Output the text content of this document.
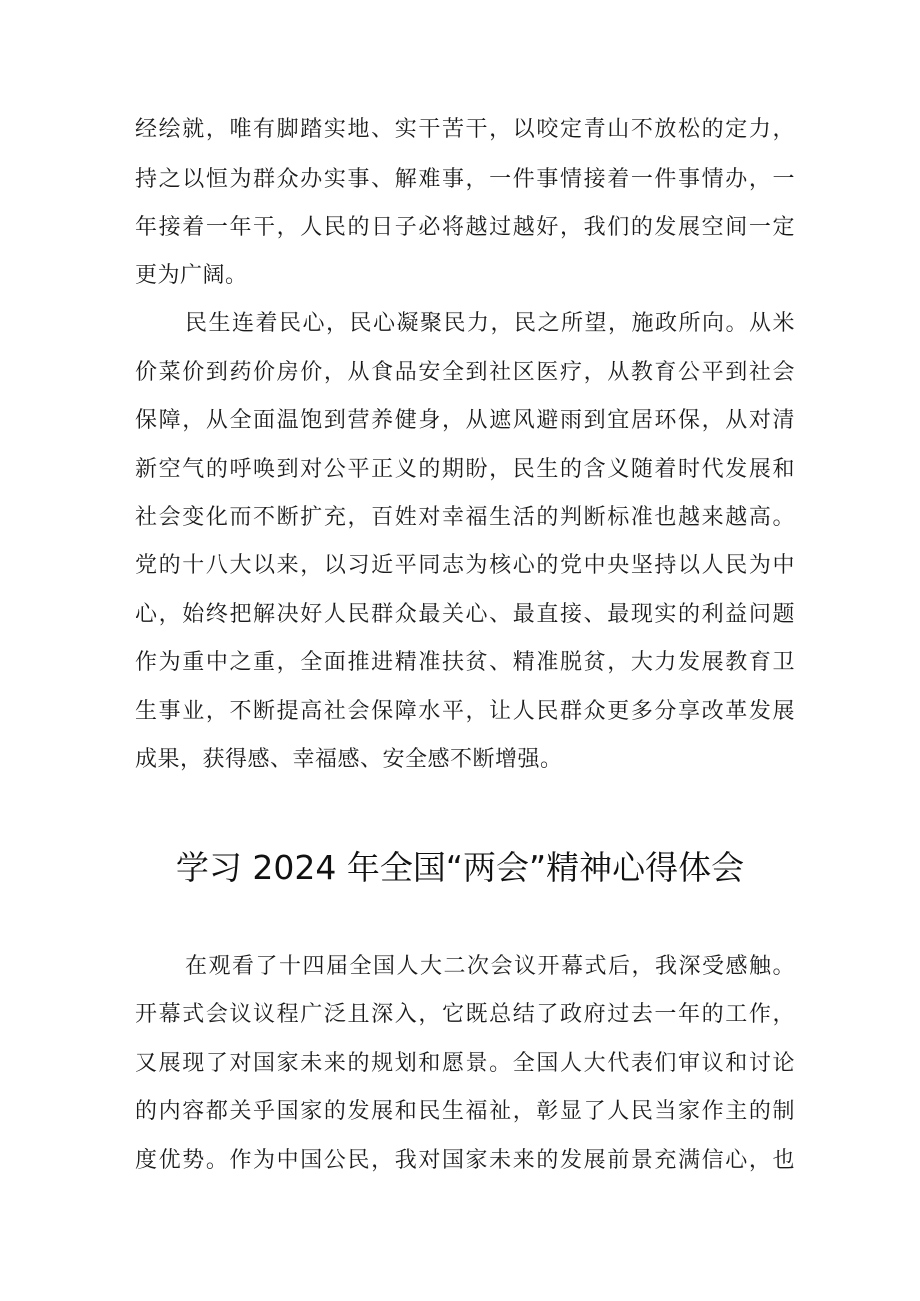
经绘就，唯有脚踏实地、实干苦干，以咬定青山不放松的定力，
持之以恒为群众办实事、解难事，一件事情接着一件事情办，一
年接着一年干，人民的日子必将越过越好，我们的发展空间一定
更为广阔。
民生连着民心，民心凝聚民力，民之所望，施政所向。从米
价菜价到药价房价，从食品安全到社区医疗，从教育公平到社会
保障，从全面温饱到营养健身，从遮风避雨到宜居环保，从对清
新空气的呼唤到对公平正义的期盼，民生的含义随着时代发展和
社会变化而不断扩充，百姓对幸福生活的判断标准也越来越高。
党的十八大以来，以习近平同志为核心的党中央坚持以人民为中
心，始终把解决好人民群众最关心、最直接、最现实的利益问题
作为重中之重，全面推进精准扶贫、精准脱贫，大力发展教育卫
生事业，不断提高社会保障水平，让人民群众更多分享改革发展
成果，获得感、幸福感、安全感不断增强。
学习 2024 年全国“两会”精神心得体会
在观看了十四届全国人大二次会议开幕式后，我深受感触。
开幕式会议议程广泛且深入，它既总结了政府过去一年的工作，
又展现了对国家未来的规划和愿景。全国人大代表们审议和讨论
的内容都关乎国家的发展和民生福祉，彰显了人民当家作主的制
度优势。作为中国公民，我对国家未来的发展前景充满信心，也
